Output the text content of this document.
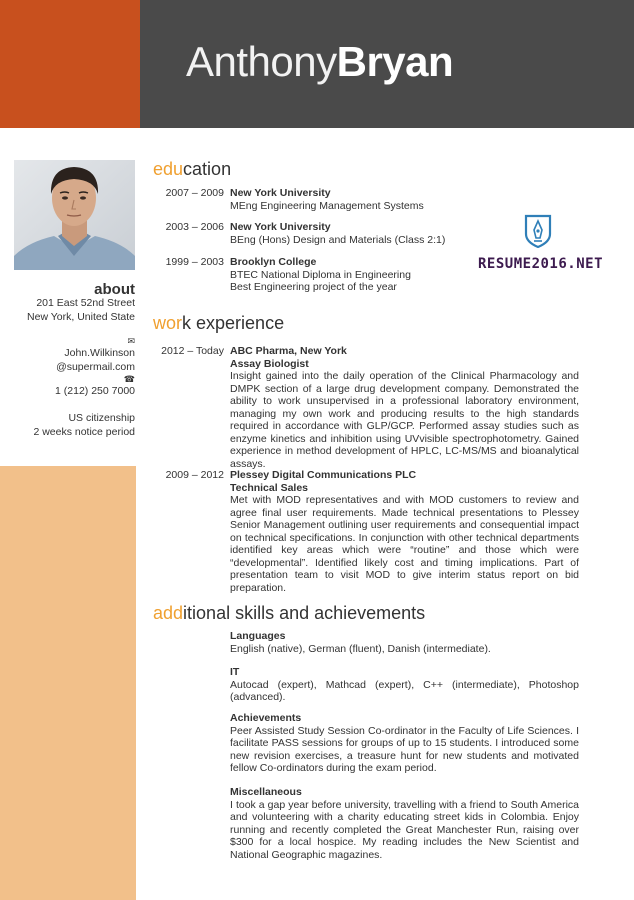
AnthonyBryan
about
201 East 52nd Street
New York, United State
✉
John.Wilkinson
@supermail.com
☎
1 (212) 250 7000
US citizenship
2 weeks notice period
RESUME2016.NET
education
2007 – 2009 New York University
MEng Engineering Management Systems
2003 – 2006 New York University
BEng (Hons) Design and Materials (Class 2:1)
1999 – 2003 Brooklyn College
BTEC National Diploma in Engineering
Best Engineering project of the year
work experience
2012 – Today ABC Pharma, New York
Assay Biologist
Insight gained into the daily operation of the Clinical Pharmacology and DMPK section of a large drug development company. Demonstrated the ability to work unsupervised in a professional laboratory environment, managing my own work and producing results to the high standards required in accordance with GLP/GCP. Performed assay studies such as enzyme kinetics and inhibition using UVvisible spectrophotometry. Gained experience in method development of HPLC, LC-MS/MS and bioanalytical assays.
2009 – 2012 Plessey Digital Communications PLC
Technical Sales
Met with MOD representatives and with MOD customers to review and agree final user requirements. Made technical presentations to Plessey Senior Management outlining user requirements and consequential impact on technical specifications. In conjunction with other technical departments identified key areas which were “routine” and those which were “developmental”. Identified likely cost and timing implications. Part of presentation team to visit MOD to give interim status report on bid preparation.
additional skills and achievements
Languages
English (native), German (fluent), Danish (intermediate).
IT
Autocad (expert), Mathcad (expert), C++ (intermediate), Photoshop (advanced).
Achievements
Peer Assisted Study Session Co-ordinator in the Faculty of Life Sciences. I facilitate PASS sessions for groups of up to 15 students. I introduced some new revision exercises, a treasure hunt for new students and motivated fellow Co-ordinators during the exam period.
Miscellaneous
I took a gap year before university, travelling with a friend to South America and volunteering with a charity educating street kids in Colombia. Enjoy running and recently completed the Great Manchester Run, raising over $300 for a local hospice. My reading includes the New Scientist and National Geographic magazines.
